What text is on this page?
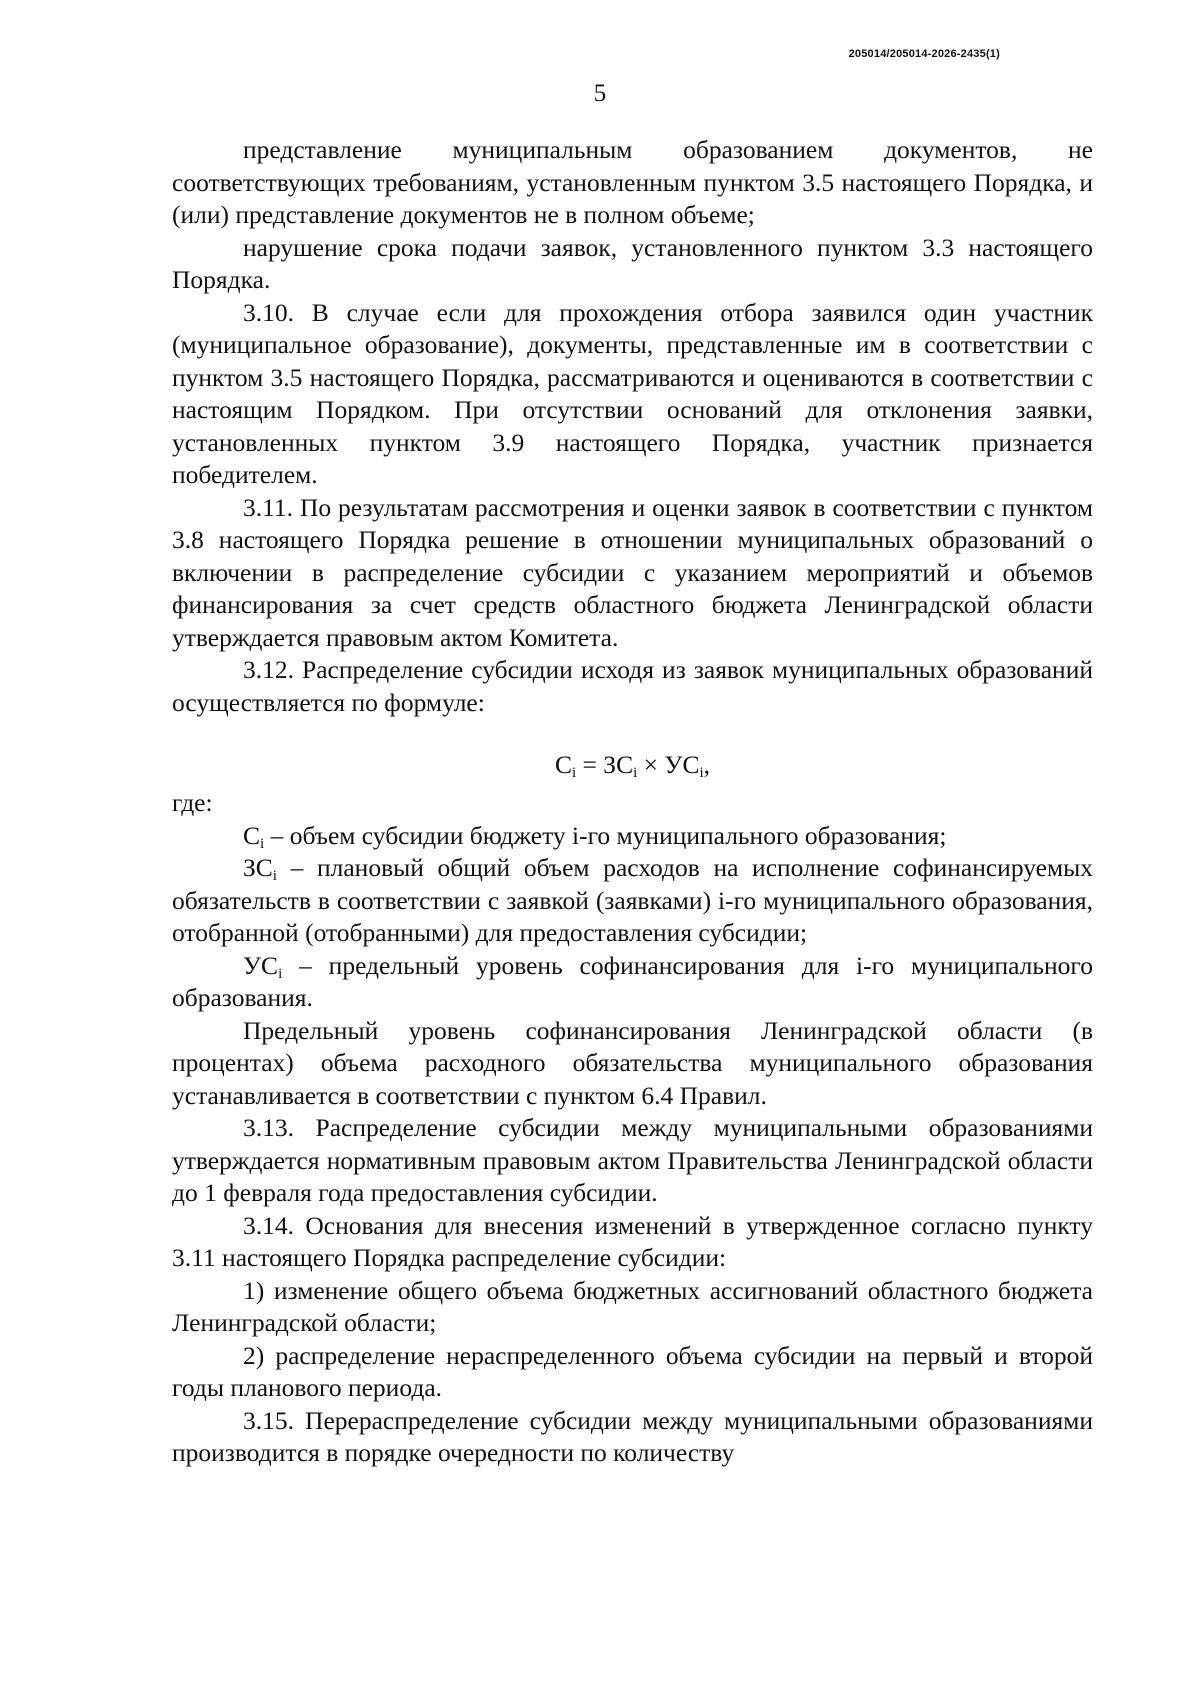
205014/205014-2026-2435(1)
5

представление муниципальным образованием документов, не соответствующих требованиям, установленным пунктом 3.5 настоящего Порядка, и (или) представление документов не в полном объеме;

нарушение срока подачи заявок, установленного пунктом 3.3 настоящего Порядка.

3.10. В случае если для прохождения отбора заявился один участник (муниципальное образование), документы, представленные им в соответствии с пунктом 3.5 настоящего Порядка, рассматриваются и оцениваются в соответствии с настоящим Порядком. При отсутствии оснований для отклонения заявки, установленных пунктом 3.9 настоящего Порядка, участник признается победителем.

3.11. По результатам рассмотрения и оценки заявок в соответствии с пунктом 3.8 настоящего Порядка решение в отношении муниципальных образований о включении в распределение субсидии с указанием мероприятий и объемов финансирования за счет средств областного бюджета Ленинградской области утверждается правовым актом Комитета.

3.12. Распределение субсидии исходя из заявок муниципальных образований осуществляется по формуле:

$C_i = ЗC_i \times УC_i$,

где:

$C_i$ – объем субсидии бюджету i-го муниципального образования;

$ЗC_i$ – плановый общий объем расходов на исполнение софинансируемых обязательств в соответствии с заявкой (заявками) i-го муниципального образования, отобранной (отобранными) для предоставления субсидии;

$УC_i$ – предельный уровень софинансирования для i-го муниципального образования.

Предельный уровень софинансирования Ленинградской области (в процентах) объема расходного обязательства муниципального образования устанавливается в соответствии с пунктом 6.4 Правил.

3.13. Распределение субсидии между муниципальными образованиями утверждается нормативным правовым актом Правительства Ленинградской области до 1 февраля года предоставления субсидии.

3.14. Основания для внесения изменений в утвержденное согласно пункту 3.11 настоящего Порядка распределение субсидии:

1) изменение общего объема бюджетных ассигнований областного бюджета Ленинградской области;

2) распределение нераспределенного объема субсидии на первый и второй годы планового периода.

3.15. Перераспределение субсидии между муниципальными образованиями производится в порядке очередности по количеству
